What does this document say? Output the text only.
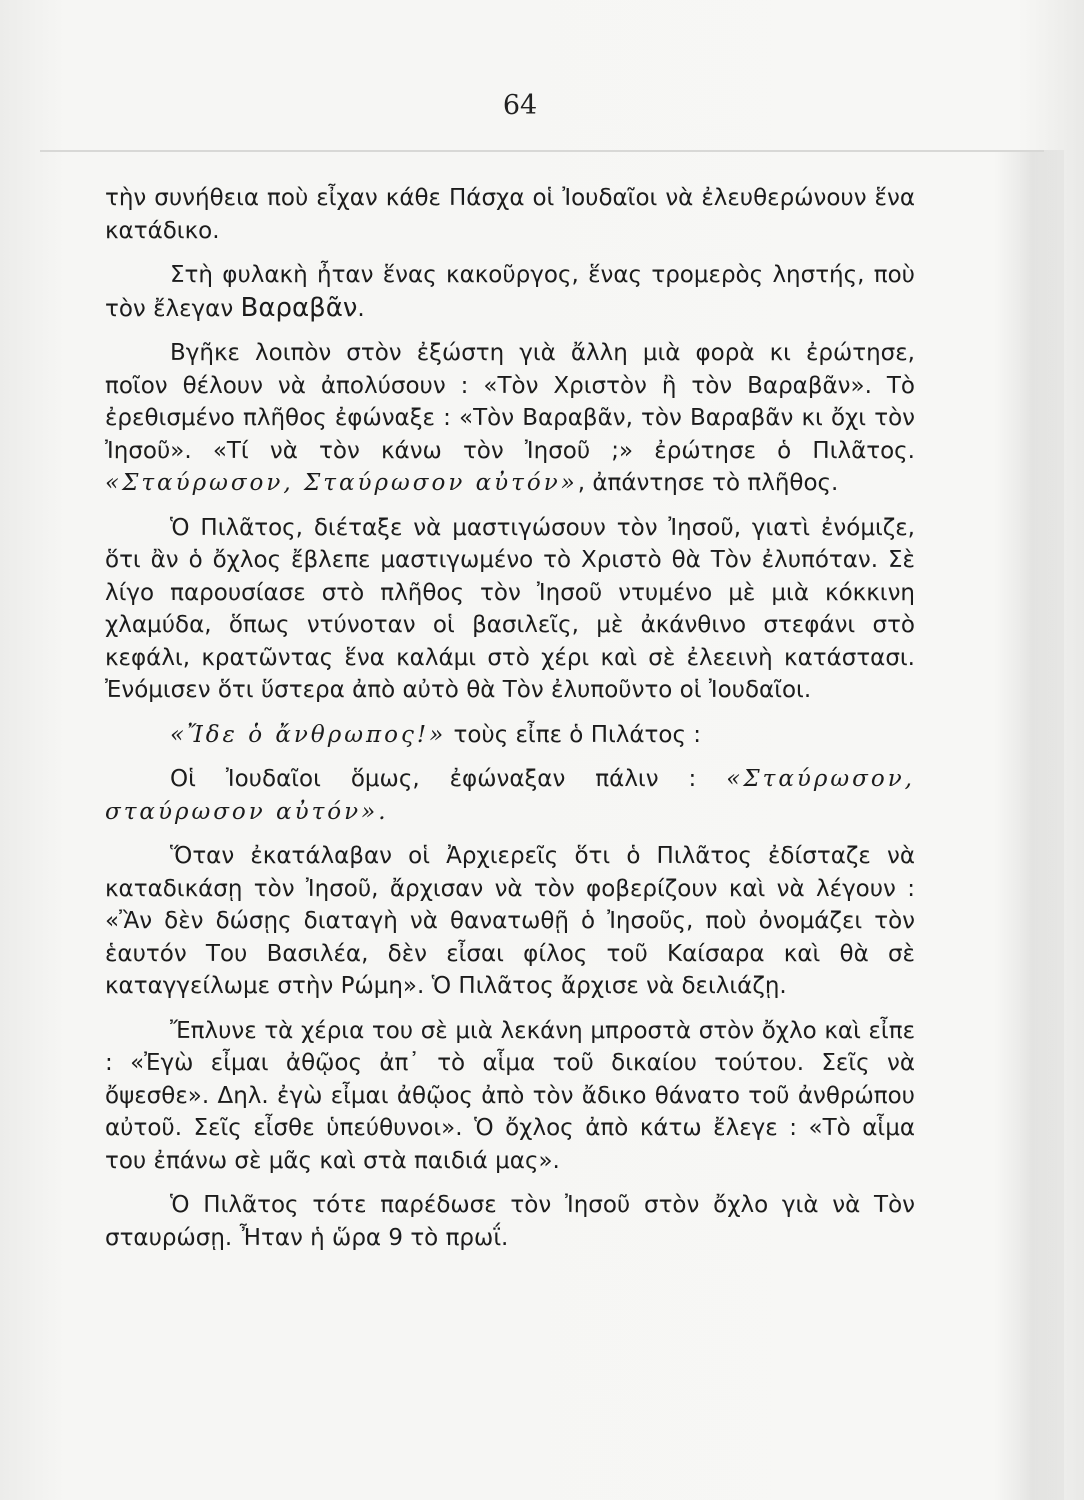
64

τὴν συνήθεια ποὺ εἶχαν κάθε Πάσχα οἱ Ἰουδαῖοι νὰ ἐλευθερώνουν ἕνα κατάδικο.

Στὴ φυλακὴ ἦταν ἕνας κακοῦργος, ἕνας τρομερὸς ληστής, ποὺ τὸν ἔλεγαν Βαραβᾶν.

Βγῆκε λοιπὸν στὸν ἐξώστη γιὰ ἄλλη μιὰ φορὰ κι ἐρώτησε, ποῖον θέλουν νὰ ἀπολύσουν : «Τὸν Χριστὸν ἢ τὸν Βαραβᾶν». Τὸ ἐρεθισμένο πλῆθος ἐφώναξε : «Τὸν Βαραβᾶν, τὸν Βαραβᾶν κι ὄχι τὸν Ἰησοῦ». «Τί νὰ τὸν κάνω τὸν Ἰησοῦ ;» ἐρώτησε ὁ Πιλᾶτος. «Σταύρωσον, Σταύρωσον αὐτόν», ἀπάντησε τὸ πλῆθος.

Ὁ Πιλᾶτος, διέταξε νὰ μαστιγώσουν τὸν Ἰησοῦ, γιατὶ ἐνόμιζε, ὅτι ἂν ὁ ὄχλος ἔβλεπε μαστιγωμένο τὸ Χριστὸ θὰ Τὸν ἐλυπόταν. Σὲ λίγο παρουσίασε στὸ πλῆθος τὸν Ἰησοῦ ντυμένο μὲ μιὰ κόκκινη χλαμύδα, ὅπως ντύνοταν οἱ βασιλεῖς, μὲ ἀκάνθινο στεφάνι στὸ κεφάλι, κρατῶντας ἕνα καλάμι στὸ χέρι καὶ σὲ ἐλεεινὴ κατάστασι. Ἐνόμισεν ὅτι ὕστερα ἀπὸ αὐτὸ θὰ Τὸν ἐλυποῦντο οἱ Ἰουδαῖοι.

«Ἴδε ὁ ἄνθρωπος!» τοὺς εἶπε ὁ Πιλάτος :

Οἱ Ἰουδαῖοι ὅμως, ἐφώναξαν πάλιν : «Σταύρωσον, σταύρωσον αὐτόν».

Ὅταν ἐκατάλαβαν οἱ Ἀρχιερεῖς ὅτι ὁ Πιλᾶτος ἐδίσταζε νὰ καταδικάσῃ τὸν Ἰησοῦ, ἄρχισαν νὰ τὸν φοβερίζουν καὶ νὰ λέγουν : «Ἂν δὲν δώσῃς διαταγὴ νὰ θανατωθῇ ὁ Ἰησοῦς, ποὺ ὀνομάζει τὸν ἑαυτόν Του Βασιλέα, δὲν εἶσαι φίλος τοῦ Καίσαρα καὶ θὰ σὲ καταγγείλωμε στὴν Ρώμη». Ὁ Πιλᾶτος ἄρχισε νὰ δειλιάζῃ.

Ἔπλυνε τὰ χέρια του σὲ μιὰ λεκάνη μπροστὰ στὸν ὄχλο καὶ εἶπε : «Ἐγὼ εἶμαι ἀθῷος ἀπ᾿ τὸ αἷμα τοῦ δικαίου τούτου. Σεῖς νὰ ὄψεσθε». Δηλ. ἐγὼ εἶμαι ἀθῷος ἀπὸ τὸν ἄδικο θάνατο τοῦ ἀνθρώπου αὐτοῦ. Σεῖς εἶσθε ὑπεύθυνοι». Ὁ ὄχλος ἀπὸ κάτω ἔλεγε : «Τὸ αἷμα του ἐπάνω σὲ μᾶς καὶ στὰ παιδιά μας».

Ὁ Πιλᾶτος τότε παρέδωσε τὸν Ἰησοῦ στὸν ὄχλο γιὰ νὰ Τὸν σταυρώσῃ. Ἦταν ἡ ὥρα 9 τὸ πρωΐ.
